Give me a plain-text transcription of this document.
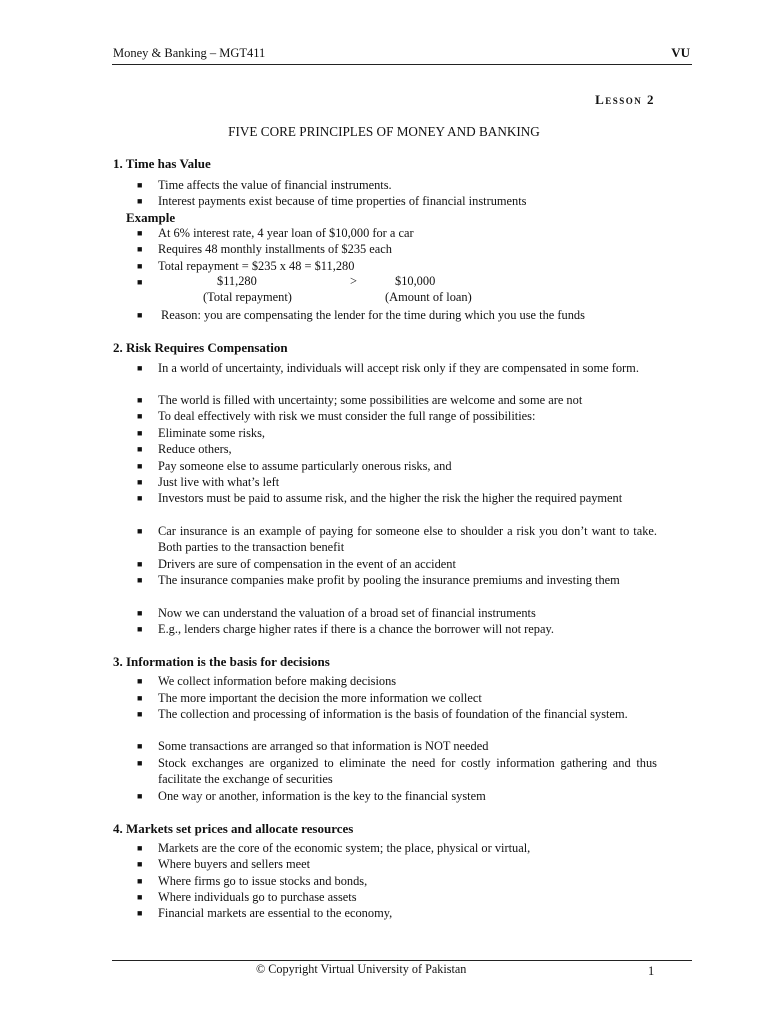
Money & Banking – MGT411	VU
Lesson 2
FIVE CORE PRINCIPLES OF MONEY AND BANKING
1. Time has Value
■	Time affects the value of financial instruments.
■	Interest payments exist because of time properties of financial instruments
Example
■	At 6% interest rate, 4 year loan of $10,000 for a car
■	Requires 48 monthly installments of $235 each
■	Total repayment = $235 x 48 = $11,280
■	$11,280	>	$10,000
(Total repayment)	(Amount of loan)
■	Reason: you are compensating the lender for the time during which you use the funds
2. Risk Requires Compensation
■	In a world of uncertainty, individuals will accept risk only if they are compensated in some form.
■	The world is filled with uncertainty; some possibilities are welcome and some are not
■	To deal effectively with risk we must consider the full range of possibilities:
■	Eliminate some risks,
■	Reduce others,
■	Pay someone else to assume particularly onerous risks, and
■	Just live with what’s left
■	Investors must be paid to assume risk, and the higher the risk the higher the required payment
■	Car insurance is an example of paying for someone else to shoulder a risk you don’t want to take. Both parties to the transaction benefit
■	Drivers are sure of compensation in the event of an accident
■	The insurance companies make profit by pooling the insurance premiums and investing them
■	Now we can understand the valuation of a broad set of financial instruments
■	E.g., lenders charge higher rates if there is a chance the borrower will not repay.
3. Information is the basis for decisions
■	We collect information before making decisions
■	The more important the decision the more information we collect
■	The collection and processing of information is the basis of foundation of the financial system.
■	Some transactions are arranged so that information is NOT needed
■	Stock exchanges are organized to eliminate the need for costly information gathering and thus facilitate the exchange of securities
■	One way or another, information is the key to the financial system
4. Markets set prices and allocate resources
■	Markets are the core of the economic system; the place, physical or virtual,
■	Where buyers and sellers meet
■	Where firms go to issue stocks and bonds,
■	Where individuals go to purchase assets
■	Financial markets are essential to the economy,
© Copyright Virtual University of Pakistan	1
